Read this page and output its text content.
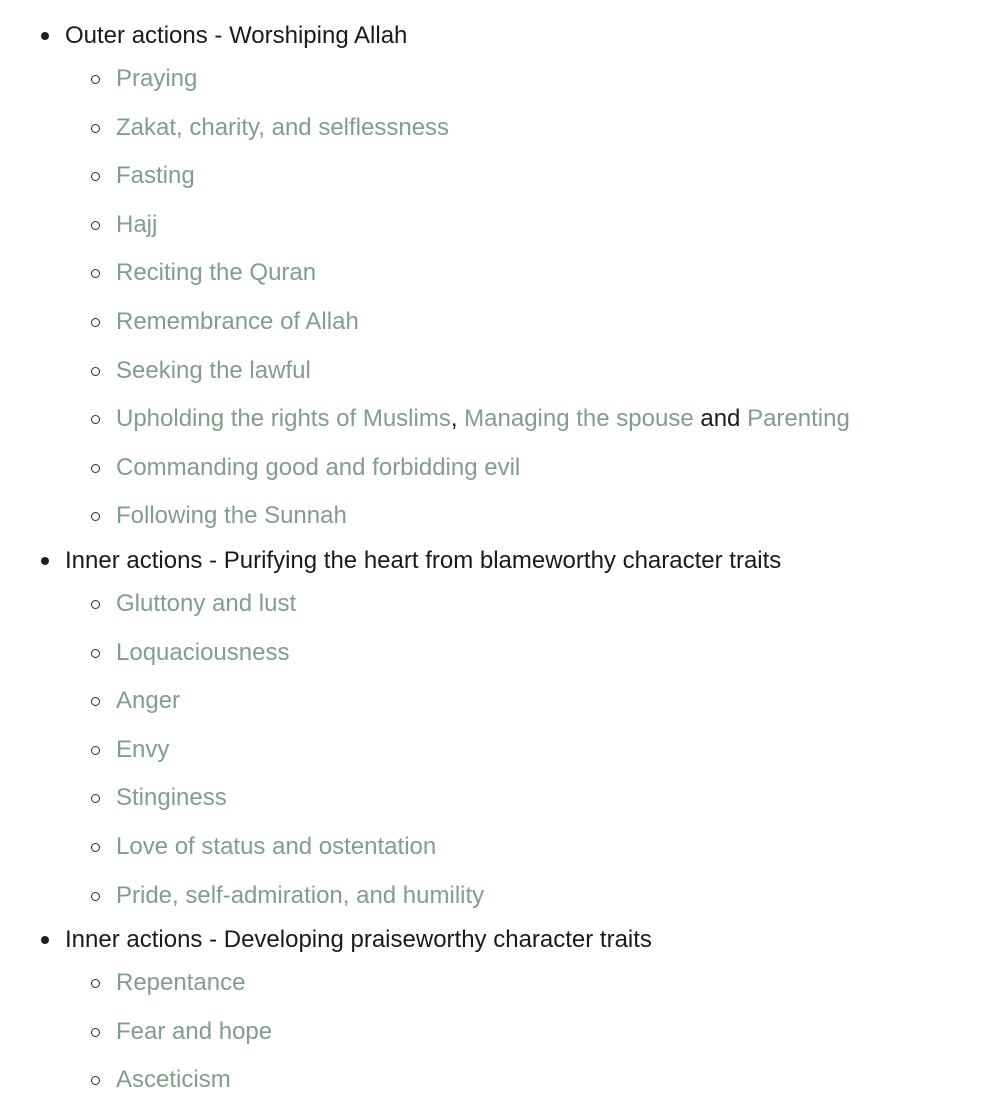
Outer actions - Worshiping Allah
Praying
Zakat, charity, and selflessness
Fasting
Hajj
Reciting the Quran
Remembrance of Allah
Seeking the lawful
Upholding the rights of Muslims, Managing the spouse and Parenting
Commanding good and forbidding evil
Following the Sunnah
Inner actions - Purifying the heart from blameworthy character traits
Gluttony and lust
Loquaciousness
Anger
Envy
Stinginess
Love of status and ostentation
Pride, self-admiration, and humility
Inner actions - Developing praiseworthy character traits
Repentance
Fear and hope
Asceticism
